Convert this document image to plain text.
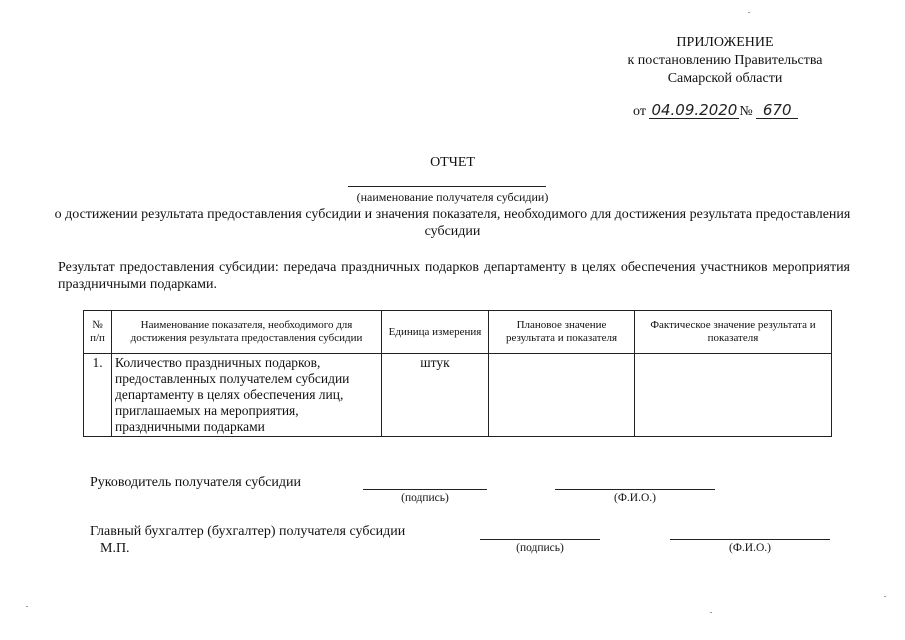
ПРИЛОЖЕНИЕ
к постановлению Правительства
Самарской области
от 04.09.2020 № 670
ОТЧЕТ
(наименование получателя субсидии)
о достижении результата предоставления субсидии и значения показателя, необходимого для достижения результата предоставления субсидии
Результат предоставления субсидии: передача праздничных подарков департаменту в целях обеспечения участников мероприятия праздничными подарками.
№ п/п	Наименование показателя, необходимого для достижения результата предоставления субсидии	Единица измерения	Плановое значение результата и показателя	Фактическое значение результата и показателя
1.	Количество праздничных подарков, предоставленных получателем субсидии департаменту в целях обеспечения лиц, приглашаемых на мероприятия, праздничными подарками	штук		
Руководитель получателя субсидии
(подпись)	(Ф.И.О.)
Главный бухгалтер (бухгалтер) получателя субсидии
(подпись)	(Ф.И.О.)
М.П.
